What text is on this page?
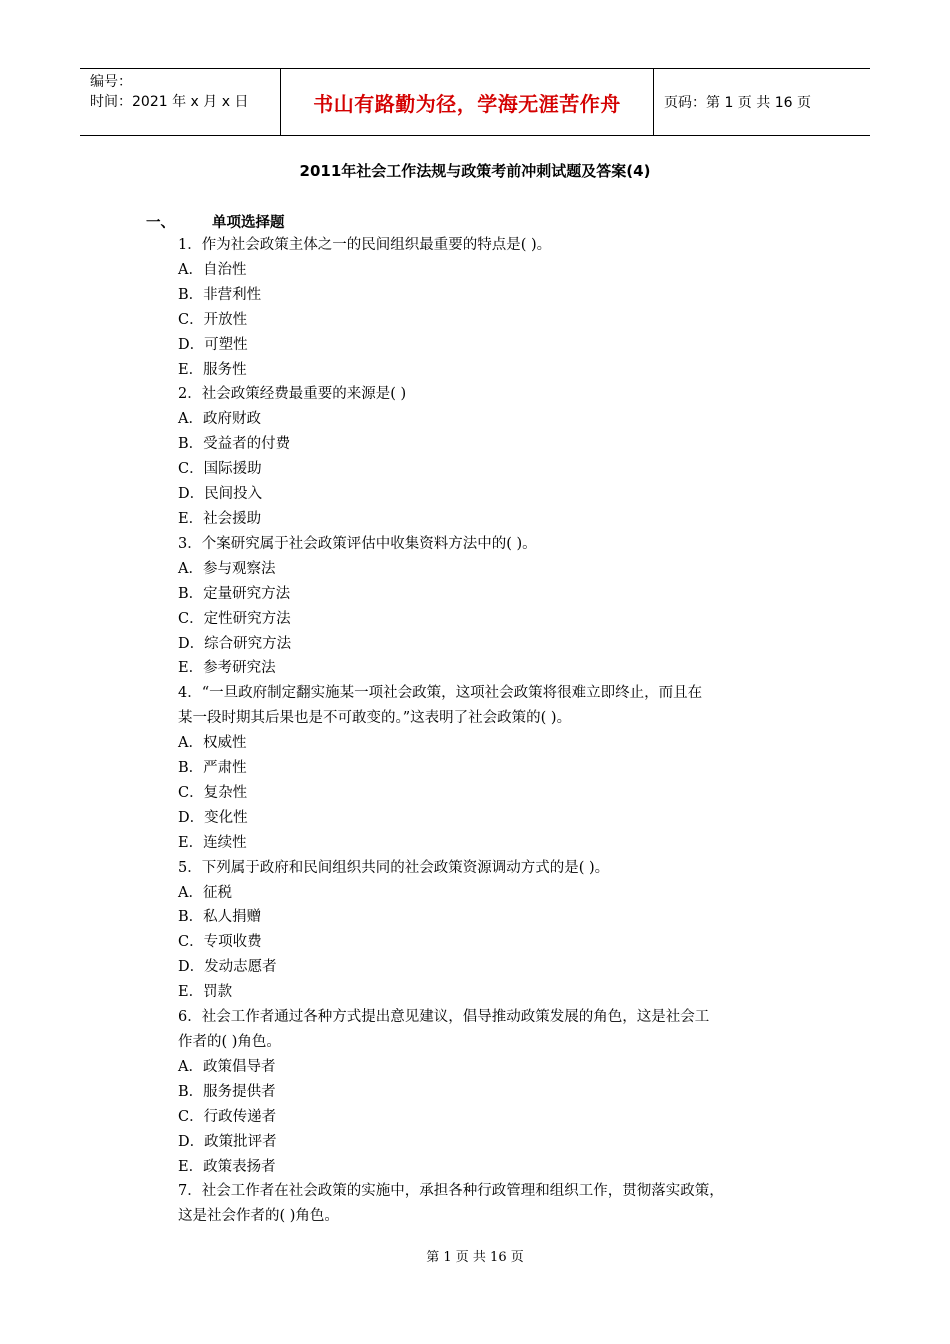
编号：
时间：2021 年 x 月 x 日	书山有路勤为径，学海无涯苦作舟	页码：第 1 页 共 16 页
2011年社会工作法规与政策考前冲刺试题及答案(4)
一、	单项选择题
1．作为社会政策主体之一的民间组织最重要的特点是( )。
A．自治性
B．非营利性
C．开放性
D．可塑性
E．服务性
2．社会政策经费最重要的来源是( )
A．政府财政
B．受益者的付费
C．国际援助
D．民间投入
E．社会援助
3．个案研究属于社会政策评估中收集资料方法中的( )。
A．参与观察法
B．定量研究方法
C．定性研究方法
D．综合研究方法
E．参考研究法
4．“一旦政府制定翻实施某一项社会政策，这项社会政策将很难立即终止，而且在
某一段时期其后果也是不可敢变的。”这表明了社会政策的( )。
A．权威性
B．严肃性
C．复杂性
D．变化性
E．连续性
5．下列属于政府和民间组织共同的社会政策资源调动方式的是( )。
A．征税
B．私人捐赠
C．专项收费
D．发动志愿者
E．罚款
6．社会工作者通过各种方式提出意见建议，倡导推动政策发展的角色，这是社会工
作者的( )角色。
A．政策倡导者
B．服务提供者
C．行政传递者
D．政策批评者
E．政策表扬者
7．社会工作者在社会政策的实施中，承担各种行政管理和组织工作，贯彻落实政策，
这是社会作者的( )角色。
第 1 页 共 16 页
